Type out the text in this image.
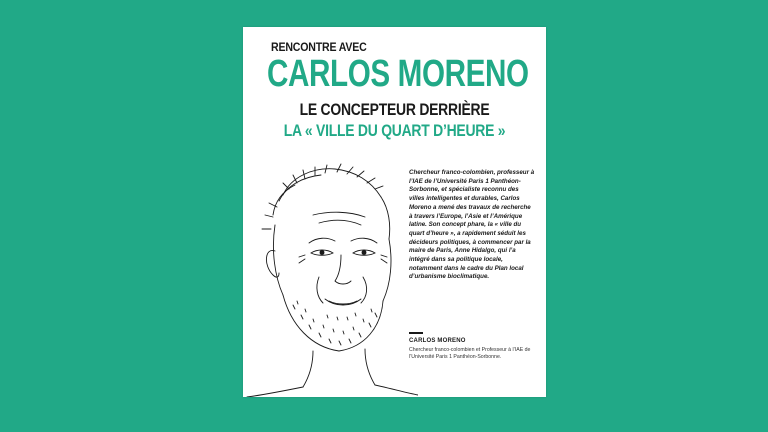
RENCONTRE AVEC
CARLOS MORENO
LE CONCEPTEUR DERRIÈRE
LA « VILLE DU QUART D’HEURE »
Chercheur franco-colombien, professeur à l’IAE de l’Université Paris 1 Panthéon-Sorbonne, et spécialiste reconnu des villes intelligentes et durables, Carlos Moreno a mené des travaux de recherche à travers l’Europe, l’Asie et l’Amérique latine. Son concept phare, la « ville du quart d’heure », a rapidement séduit les décideurs politiques, à commencer par la maire de Paris, Anne Hidalgo, qui l’a intégré dans sa politique locale, notamment dans le cadre du Plan local d’urbanisme bioclimatique.
CARLOS MORENO
Chercheur franco-colombien et Professeur à l’IAE de l’Université Paris 1 Panthéon-Sorbonne.
